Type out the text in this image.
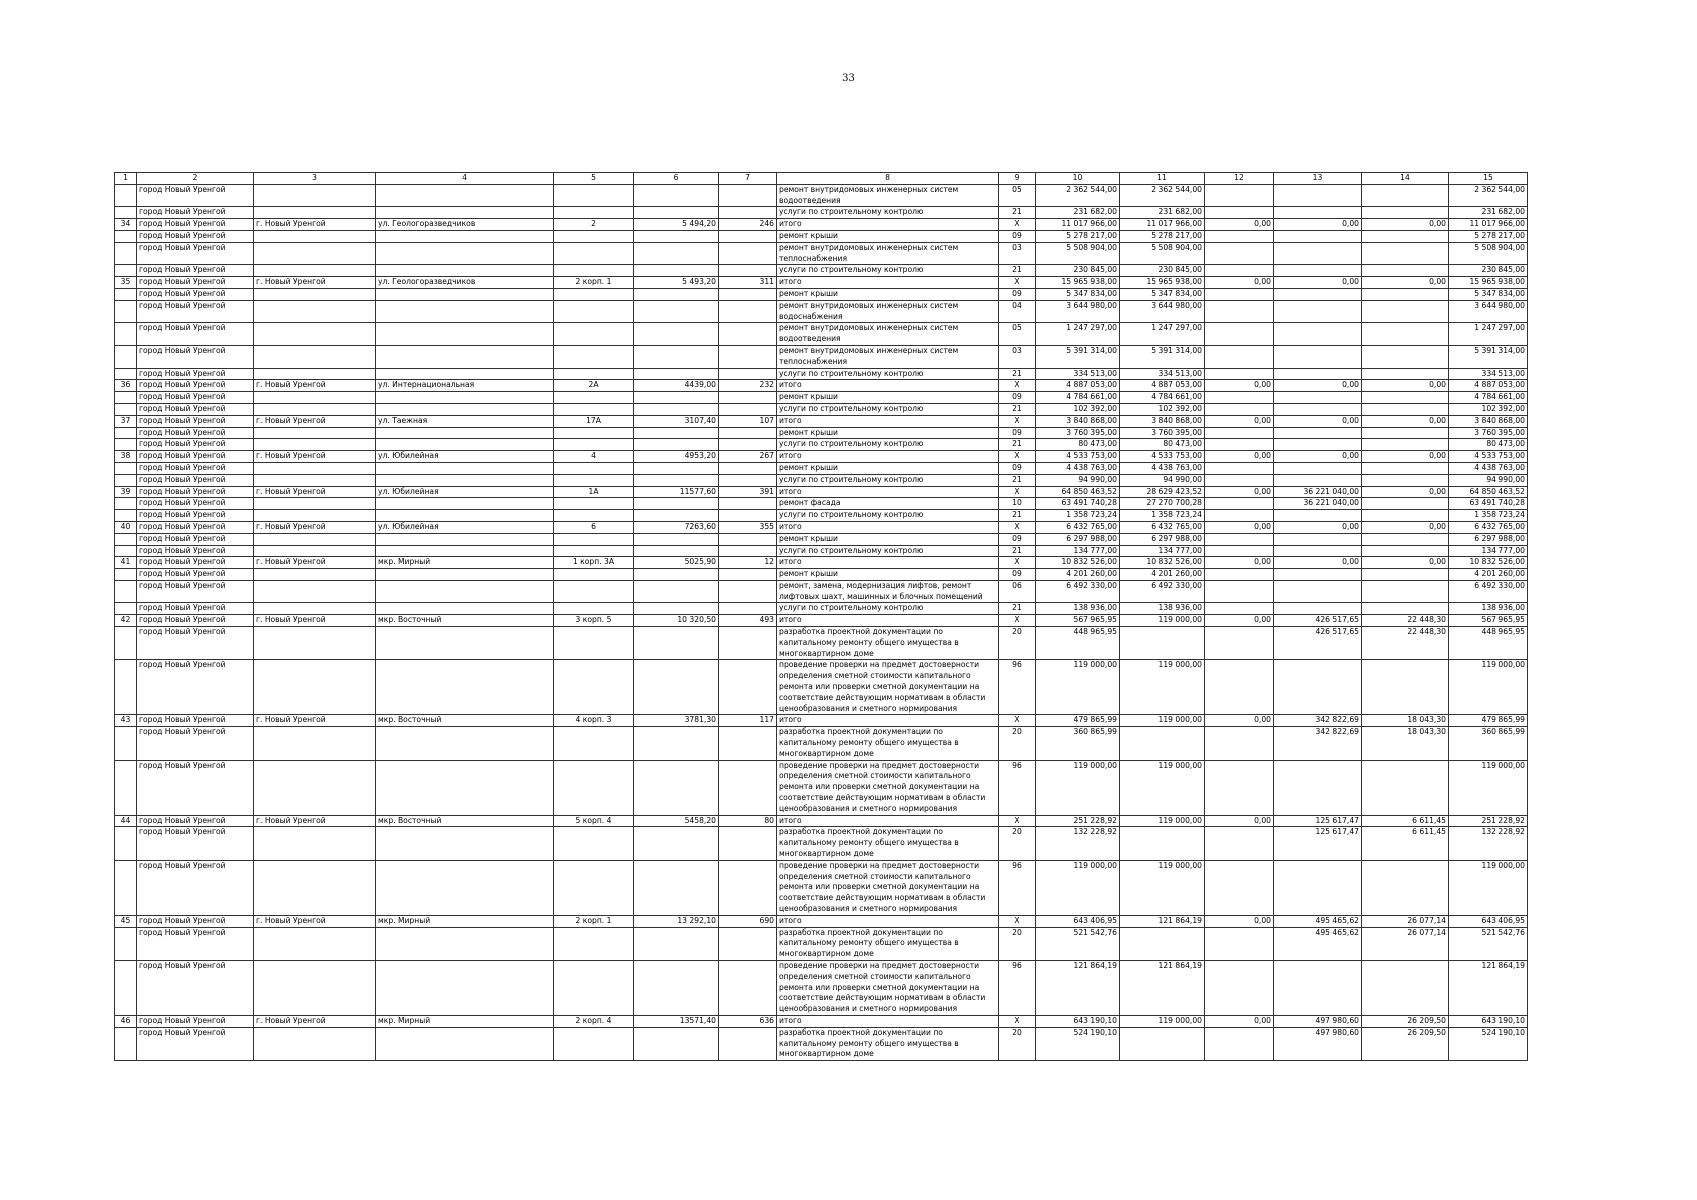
33
1	2	3	4	5	6	7	8	9	10	11	12	13	14	15
	город Новый Уренгой						ремонт внутридомовых инженерных систем водоотведения	05	2 362 544,00	2 362 544,00				2 362 544,00
	город Новый Уренгой						услуги по строительному контролю	21	231 682,00	231 682,00				231 682,00
34	город Новый Уренгой	г. Новый Уренгой	ул. Геологоразведчиков	2	5 494,20	246	итого	Х	11 017 966,00	11 017 966,00	0,00	0,00	0,00	11 017 966,00
	город Новый Уренгой						ремонт крыши	09	5 278 217,00	5 278 217,00				5 278 217,00
	город Новый Уренгой						ремонт внутридомовых инженерных систем теплоснабжения	03	5 508 904,00	5 508 904,00				5 508 904,00
	город Новый Уренгой						услуги по строительному контролю	21	230 845,00	230 845,00				230 845,00
35	город Новый Уренгой	г. Новый Уренгой	ул. Геологоразведчиков	2 корп. 1	5 493,20	311	итого	Х	15 965 938,00	15 965 938,00	0,00	0,00	0,00	15 965 938,00
	город Новый Уренгой						ремонт крыши	09	5 347 834,00	5 347 834,00				5 347 834,00
	город Новый Уренгой						ремонт внутридомовых инженерных систем водоснабжения	04	3 644 980,00	3 644 980,00				3 644 980,00
	город Новый Уренгой						ремонт внутридомовых инженерных систем водоотведения	05	1 247 297,00	1 247 297,00				1 247 297,00
	город Новый Уренгой						ремонт внутридомовых инженерных систем теплоснабжения	03	5 391 314,00	5 391 314,00				5 391 314,00
	город Новый Уренгой						услуги по строительному контролю	21	334 513,00	334 513,00				334 513,00
36	город Новый Уренгой	г. Новый Уренгой	ул. Интернациональная	2А	4439,00	232	итого	Х	4 887 053,00	4 887 053,00	0,00	0,00	0,00	4 887 053,00
	город Новый Уренгой						ремонт крыши	09	4 784 661,00	4 784 661,00				4 784 661,00
	город Новый Уренгой						услуги по строительному контролю	21	102 392,00	102 392,00				102 392,00
37	город Новый Уренгой	г. Новый Уренгой	ул. Таежная	17А	3107,40	107	итого	Х	3 840 868,00	3 840 868,00	0,00	0,00	0,00	3 840 868,00
	город Новый Уренгой						ремонт крыши	09	3 760 395,00	3 760 395,00				3 760 395,00
	город Новый Уренгой						услуги по строительному контролю	21	80 473,00	80 473,00				80 473,00
38	город Новый Уренгой	г. Новый Уренгой	ул. Юбилейная	4	4953,20	267	итого	Х	4 533 753,00	4 533 753,00	0,00	0,00	0,00	4 533 753,00
	город Новый Уренгой						ремонт крыши	09	4 438 763,00	4 438 763,00				4 438 763,00
	город Новый Уренгой						услуги по строительному контролю	21	94 990,00	94 990,00				94 990,00
39	город Новый Уренгой	г. Новый Уренгой	ул. Юбилейная	1А	11577,60	391	итого	Х	64 850 463,52	28 629 423,52	0,00	36 221 040,00	0,00	64 850 463,52
	город Новый Уренгой						ремонт фасада	10	63 491 740,28	27 270 700,28		36 221 040,00		63 491 740,28
	город Новый Уренгой						услуги по строительному контролю	21	1 358 723,24	1 358 723,24				1 358 723,24
40	город Новый Уренгой	г. Новый Уренгой	ул. Юбилейная	6	7263,60	355	итого	Х	6 432 765,00	6 432 765,00	0,00	0,00	0,00	6 432 765,00
	город Новый Уренгой						ремонт крыши	09	6 297 988,00	6 297 988,00				6 297 988,00
	город Новый Уренгой						услуги по строительному контролю	21	134 777,00	134 777,00				134 777,00
41	город Новый Уренгой	г. Новый Уренгой	мкр. Мирный	1 корп. 3А	5025,90	12	итого	Х	10 832 526,00	10 832 526,00	0,00	0,00	0,00	10 832 526,00
	город Новый Уренгой						ремонт крыши	09	4 201 260,00	4 201 260,00				4 201 260,00
	город Новый Уренгой						ремонт, замена, модернизация лифтов, ремонт лифтовых шахт, машинных и блочных помещений	06	6 492 330,00	6 492 330,00				6 492 330,00
	город Новый Уренгой						услуги по строительному контролю	21	138 936,00	138 936,00				138 936,00
42	город Новый Уренгой	г. Новый Уренгой	мкр. Восточный	3 корп. 5	10 320,50	493	итого	Х	567 965,95	119 000,00	0,00	426 517,65	22 448,30	567 965,95
	город Новый Уренгой						разработка проектной документации по капитальному ремонту общего имущества в многоквартирном доме	20	448 965,95			426 517,65	22 448,30	448 965,95
	город Новый Уренгой						проведение проверки на предмет достоверности определения сметной стоимости капитального ремонта или проверки сметной документации на соответствие действующим нормативам в области ценообразования и сметного нормирования	96	119 000,00	119 000,00				119 000,00
43	город Новый Уренгой	г. Новый Уренгой	мкр. Восточный	4 корп. 3	3781,30	117	итого	Х	479 865,99	119 000,00	0,00	342 822,69	18 043,30	479 865,99
	город Новый Уренгой						разработка проектной документации по капитальному ремонту общего имущества в многоквартирном доме	20	360 865,99			342 822,69	18 043,30	360 865,99
	город Новый Уренгой						проведение проверки на предмет достоверности определения сметной стоимости капитального ремонта или проверки сметной документации на соответствие действующим нормативам в области ценообразования и сметного нормирования	96	119 000,00	119 000,00				119 000,00
44	город Новый Уренгой	г. Новый Уренгой	мкр. Восточный	5 корп. 4	5458,20	80	итого	Х	251 228,92	119 000,00	0,00	125 617,47	6 611,45	251 228,92
	город Новый Уренгой						разработка проектной документации по капитальному ремонту общего имущества в многоквартирном доме	20	132 228,92			125 617,47	6 611,45	132 228,92
	город Новый Уренгой						проведение проверки на предмет достоверности определения сметной стоимости капитального ремонта или проверки сметной документации на соответствие действующим нормативам в области ценообразования и сметного нормирования	96	119 000,00	119 000,00				119 000,00
45	город Новый Уренгой	г. Новый Уренгой	мкр. Мирный	2 корп. 1	13 292,10	690	итого	Х	643 406,95	121 864,19	0,00	495 465,62	26 077,14	643 406,95
	город Новый Уренгой						разработка проектной документации по капитальному ремонту общего имущества в многоквартирном доме	20	521 542,76			495 465,62	26 077,14	521 542,76
	город Новый Уренгой						проведение проверки на предмет достоверности определения сметной стоимости капитального ремонта или проверки сметной документации на соответствие действующим нормативам в области ценообразования и сметного нормирования	96	121 864,19	121 864,19				121 864,19
46	город Новый Уренгой	г. Новый Уренгой	мкр. Мирный	2 корп. 4	13571,40	636	итого	Х	643 190,10	119 000,00	0,00	497 980,60	26 209,50	643 190,10
	город Новый Уренгой						разработка проектной документации по капитальному ремонту общего имущества в многоквартирном доме	20	524 190,10			497 980,60	26 209,50	524 190,10
